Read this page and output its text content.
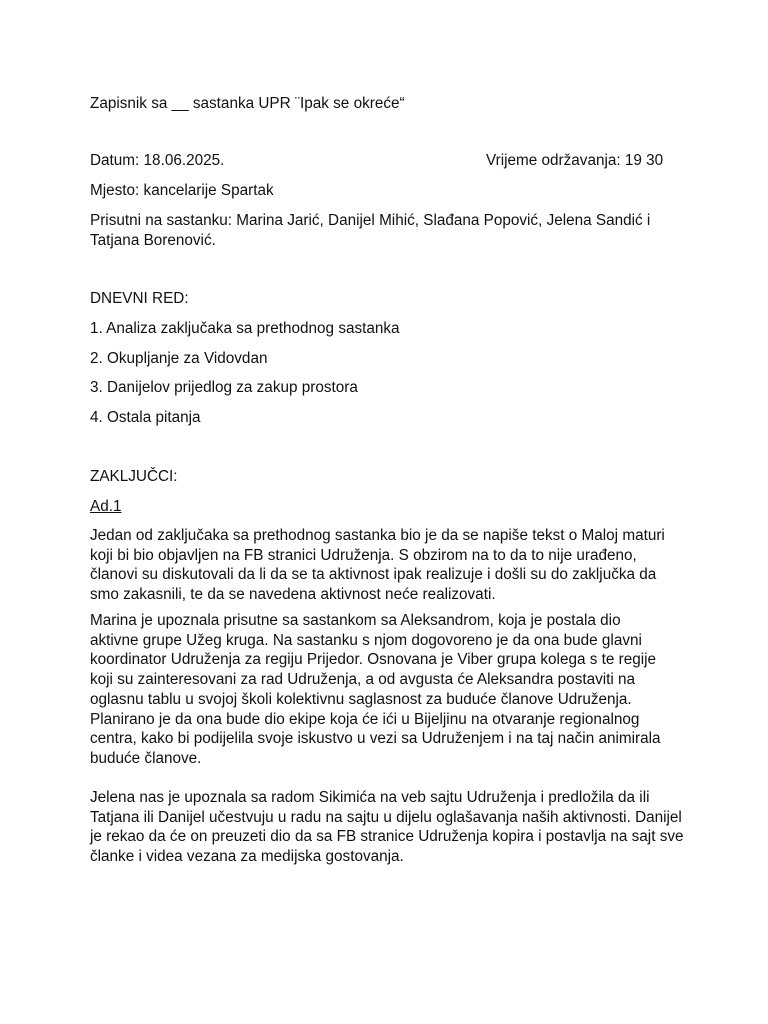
Zapisnik sa __ sastanka UPR ¨Ipak se okreće“
Datum: 18.06.2025.	Vrijeme održavanja: 19 30
Mjesto: kancelarije Spartak
Prisutni na sastanku: Marina Jarić, Danijel Mihić, Slađana Popović, Jelena Sandić i Tatjana Borenović.
DNEVNI RED:
1. Analiza zaključaka sa prethodnog sastanka
2. Okupljanje za Vidovdan
3. Danijelov prijedlog za zakup prostora
4. Ostala pitanja
ZAKLJUČCI:
Ad.1
Jedan od zaključaka sa prethodnog sastanka bio je da se napiše tekst o Maloj maturi koji bi bio objavljen na FB stranici Udruženja. S obzirom na to da to nije urađeno, članovi su diskutovali da li da se ta aktivnost ipak realizuje i došli su do zaključka da smo zakasnili, te da se navedena aktivnost neće realizovati.
Marina je upoznala prisutne sa sastankom sa Aleksandrom, koja je postala dio aktivne grupe Užeg kruga. Na sastanku s njom dogovoreno je da ona bude glavni koordinator Udruženja za regiju Prijedor. Osnovana je Viber grupa kolega s te regije koji su zainteresovani za rad Udruženja, a od avgusta će Aleksandra postaviti na oglasnu tablu u svojoj školi kolektivnu saglasnost za buduće članove Udruženja. Planirano je da ona bude dio ekipe koja će ići u Bijeljinu na otvaranje regionalnog centra, kako bi podijelila svoje iskustvo u vezi sa Udruženjem i na taj način animirala buduće članove.
Jelena nas je upoznala sa radom Sikimića na veb sajtu Udruženja i predložila da ili Tatjana ili Danijel učestvuju u radu na sajtu u dijelu oglašavanja naših aktivnosti. Danijel je rekao da će on preuzeti dio da sa FB stranice Udruženja kopira i postavlja na sajt sve članke i videa vezana za medijska gostovanja.
